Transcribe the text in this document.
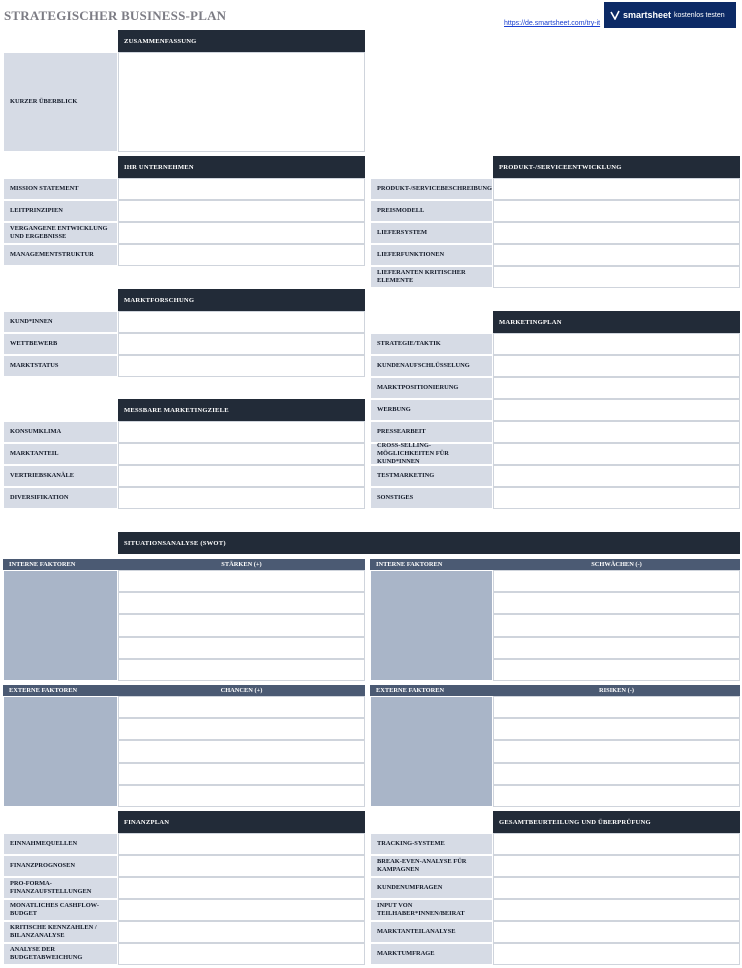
STRATEGISCHER BUSINESS-PLAN
https://de.smartsheet.com/try-it
smartsheet kostenlos testen
ZUSAMMENFASSUNG
KURZER ÜBERBLICK
IHR UNTERNEHMEN
MISSION STATEMENT
LEITPRINZIPIEN
VERGANGENE ENTWICKLUNG UND ERGEBNISSE
MANAGEMENTSTRUKTUR
PRODUKT-/SERVICEENTWICKLUNG
PRODUKT-/SERVICEBESCHREIBUNG
PREISMODELL
LIEFERSYSTEM
LIEFERFUNKTIONEN
LIEFERANTEN KRITISCHER ELEMENTE
MARKTFORSCHUNG
KUND*INNEN
WETTBEWERB
MARKTSTATUS
MARKETINGPLAN
STRATEGIE/TAKTIK
KUNDENAUFSCHLÜSSELUNG
MARKTPOSITIONIERUNG
WERBUNG
PRESSEARBEIT
CROSS-SELLING-MÖGLICHKEITEN FÜR KUND*INNEN
TESTMARKETING
SONSTIGES
MESSBARE MARKETINGZIELE
KONSUMKLIMA
MARKTANTEIL
VERTRIEBSKANÄLE
DIVERSIFIKATION
SITUATIONSANALYSE (SWOT)
INTERNE FAKTOREN	STÄRKEN (+)	INTERNE FAKTOREN	SCHWÄCHEN (-)
EXTERNE FAKTOREN	CHANCEN (+)	EXTERNE FAKTOREN	RISIKEN (-)
FINANZPLAN
EINNAHMEQUELLEN
FINANZPROGNOSEN
PRO-FORMA-FINANZAUFSTELLUNGEN
MONATLICHES CASHFLOW-BUDGET
KRITISCHE KENNZAHLEN / BILANZANALYSE
ANALYSE DER BUDGETABWEICHUNG
GESAMTBEURTEILUNG UND ÜBERPRÜFUNG
TRACKING-SYSTEME
BREAK-EVEN-ANALYSE FÜR KAMPAGNEN
KUNDENUMFRAGEN
INPUT VON TEILHABER*INNEN/BEIRAT
MARKTANTEILANALYSE
MARKTUMFRAGE
